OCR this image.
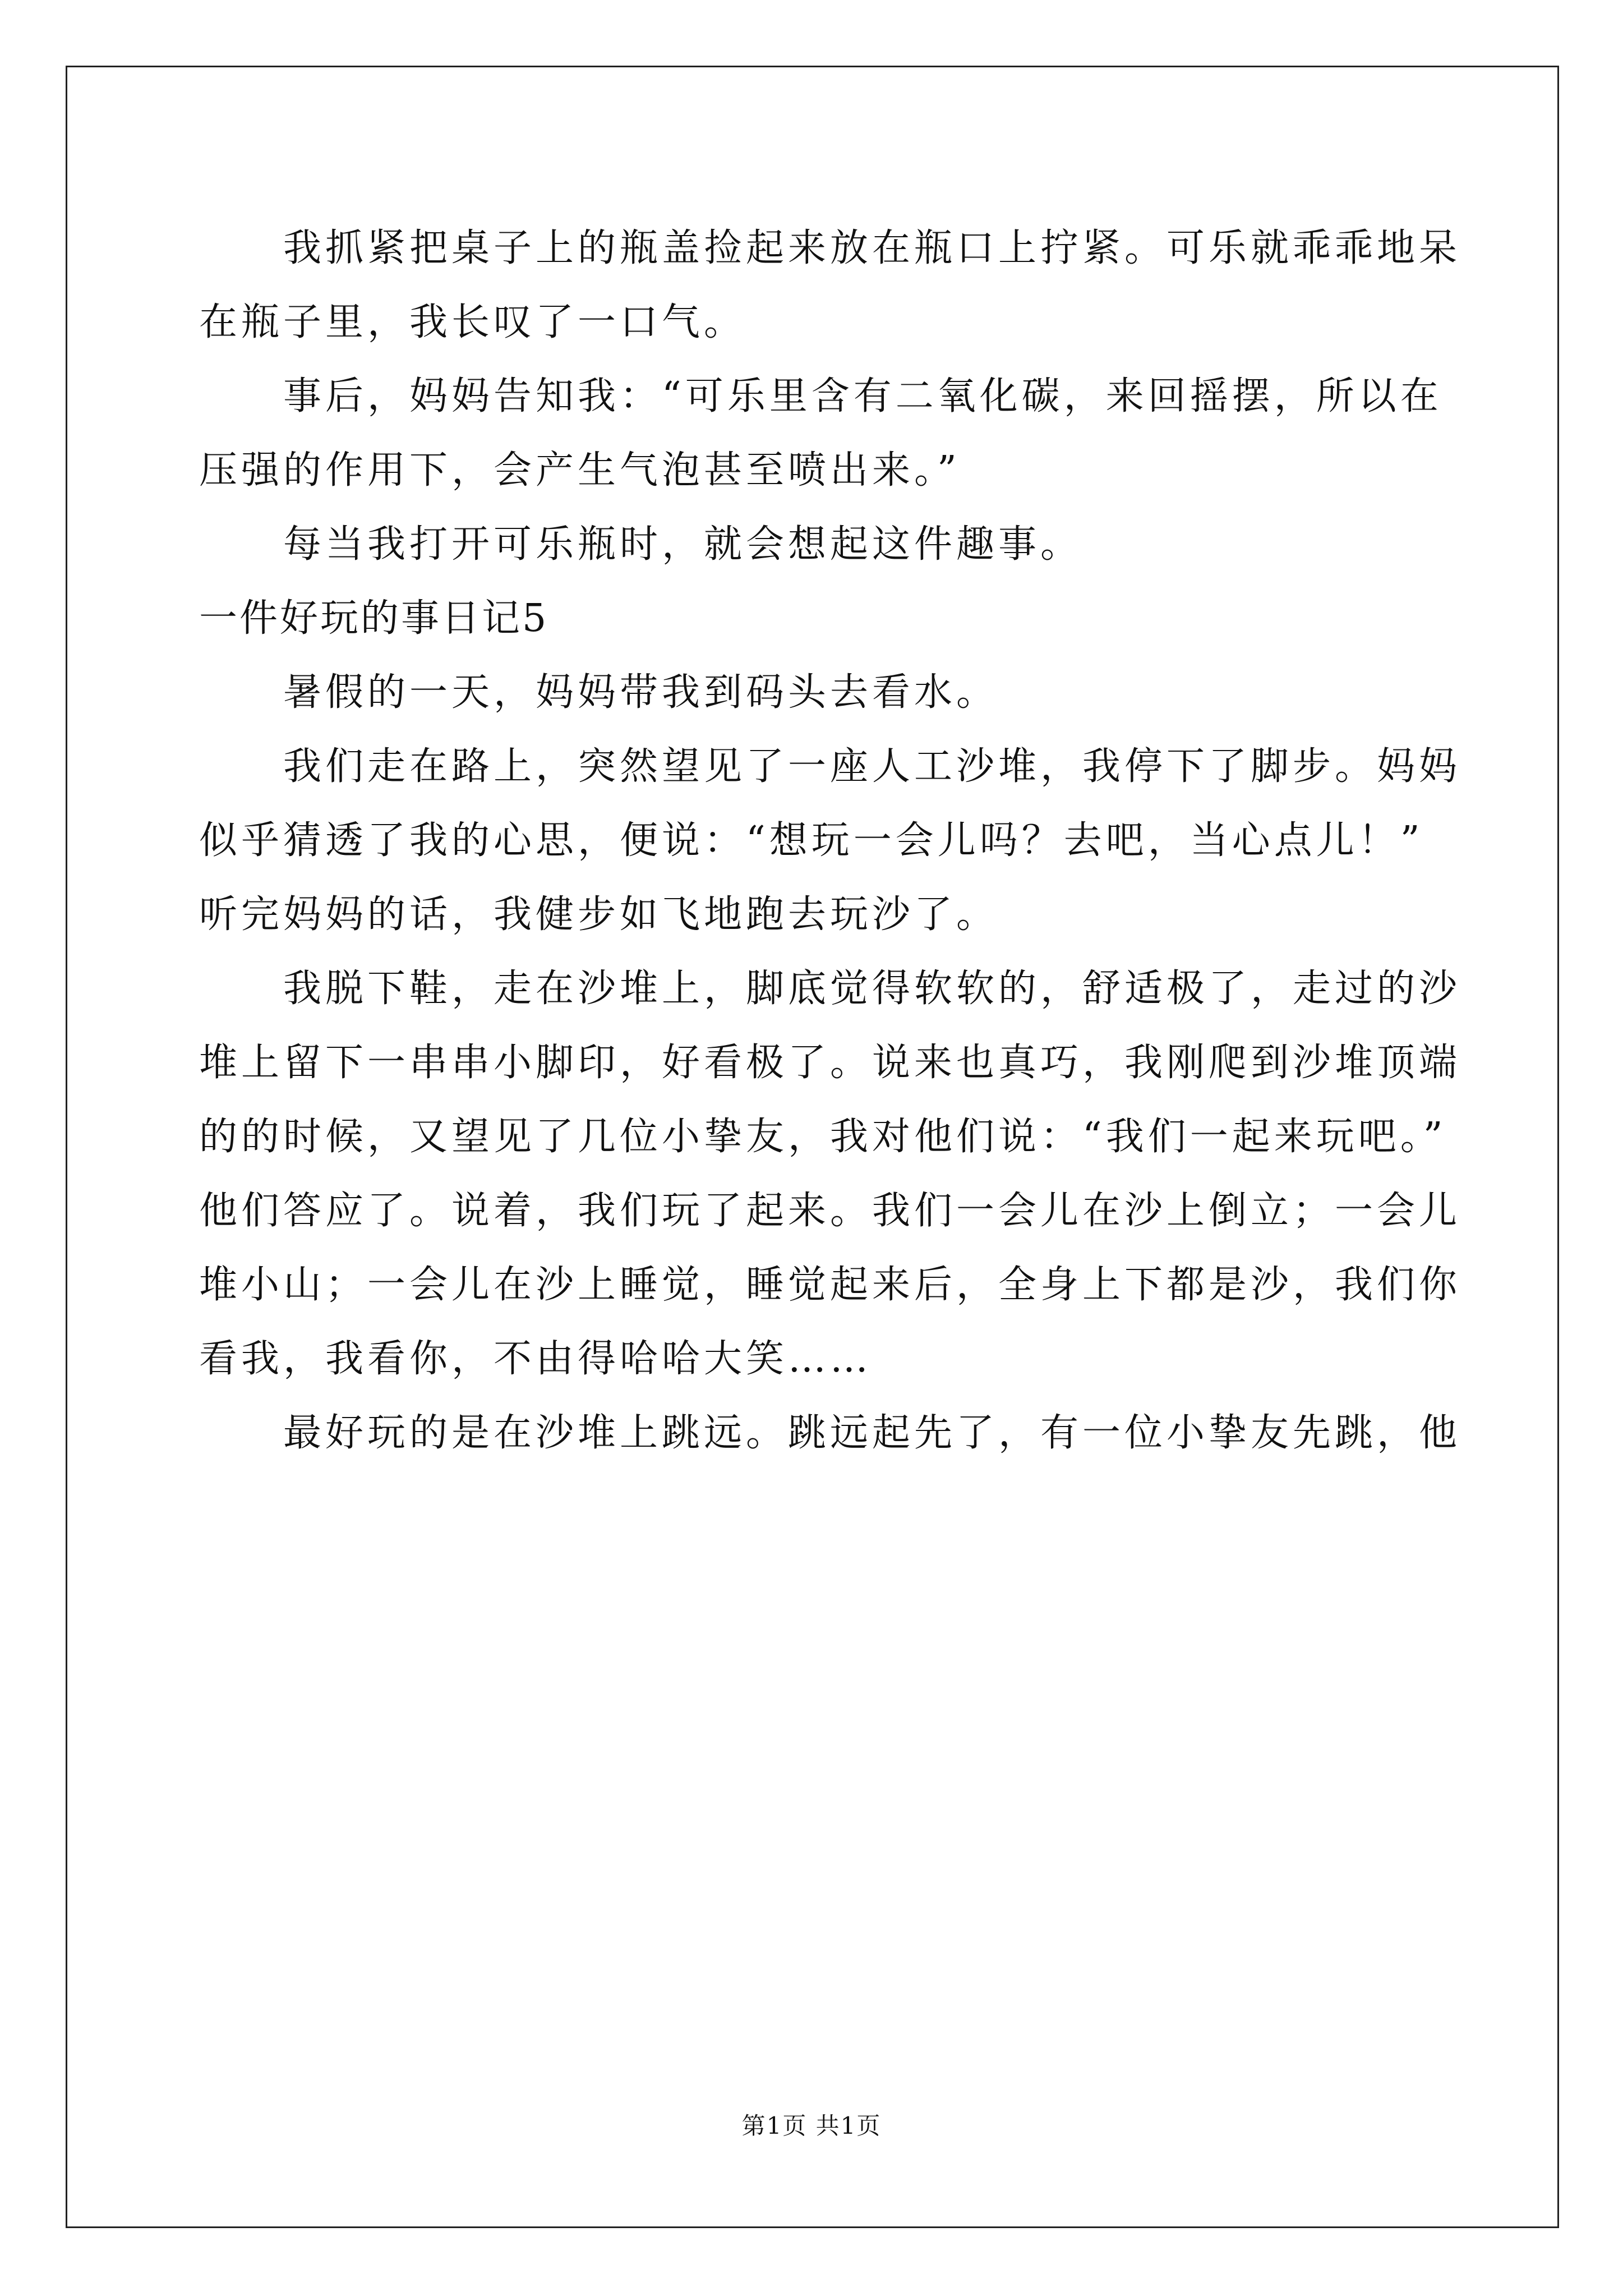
我抓紧把桌子上的瓶盖捡起来放在瓶口上拧紧。可乐就乖乖地呆
在瓶子里，我长叹了一口气。
事后，妈妈告知我：“可乐里含有二氧化碳，来回摇摆，所以在
压强的作用下，会产生气泡甚至喷出来。”
每当我打开可乐瓶时，就会想起这件趣事。
一件好玩的事日记5
暑假的一天，妈妈带我到码头去看水。
我们走在路上，突然望见了一座人工沙堆，我停下了脚步。妈妈
似乎猜透了我的心思，便说：“想玩一会儿吗？去吧，当心点儿！”
听完妈妈的话，我健步如飞地跑去玩沙了。
我脱下鞋，走在沙堆上，脚底觉得软软的，舒适极了，走过的沙
堆上留下一串串小脚印，好看极了。说来也真巧，我刚爬到沙堆顶端
的的时候，又望见了几位小挚友，我对他们说：“我们一起来玩吧。”
他们答应了。说着，我们玩了起来。我们一会儿在沙上倒立；一会儿
堆小山；一会儿在沙上睡觉，睡觉起来后，全身上下都是沙，我们你
看我，我看你，不由得哈哈大笑……
最好玩的是在沙堆上跳远。跳远起先了，有一位小挚友先跳，他
第1页 共1页
